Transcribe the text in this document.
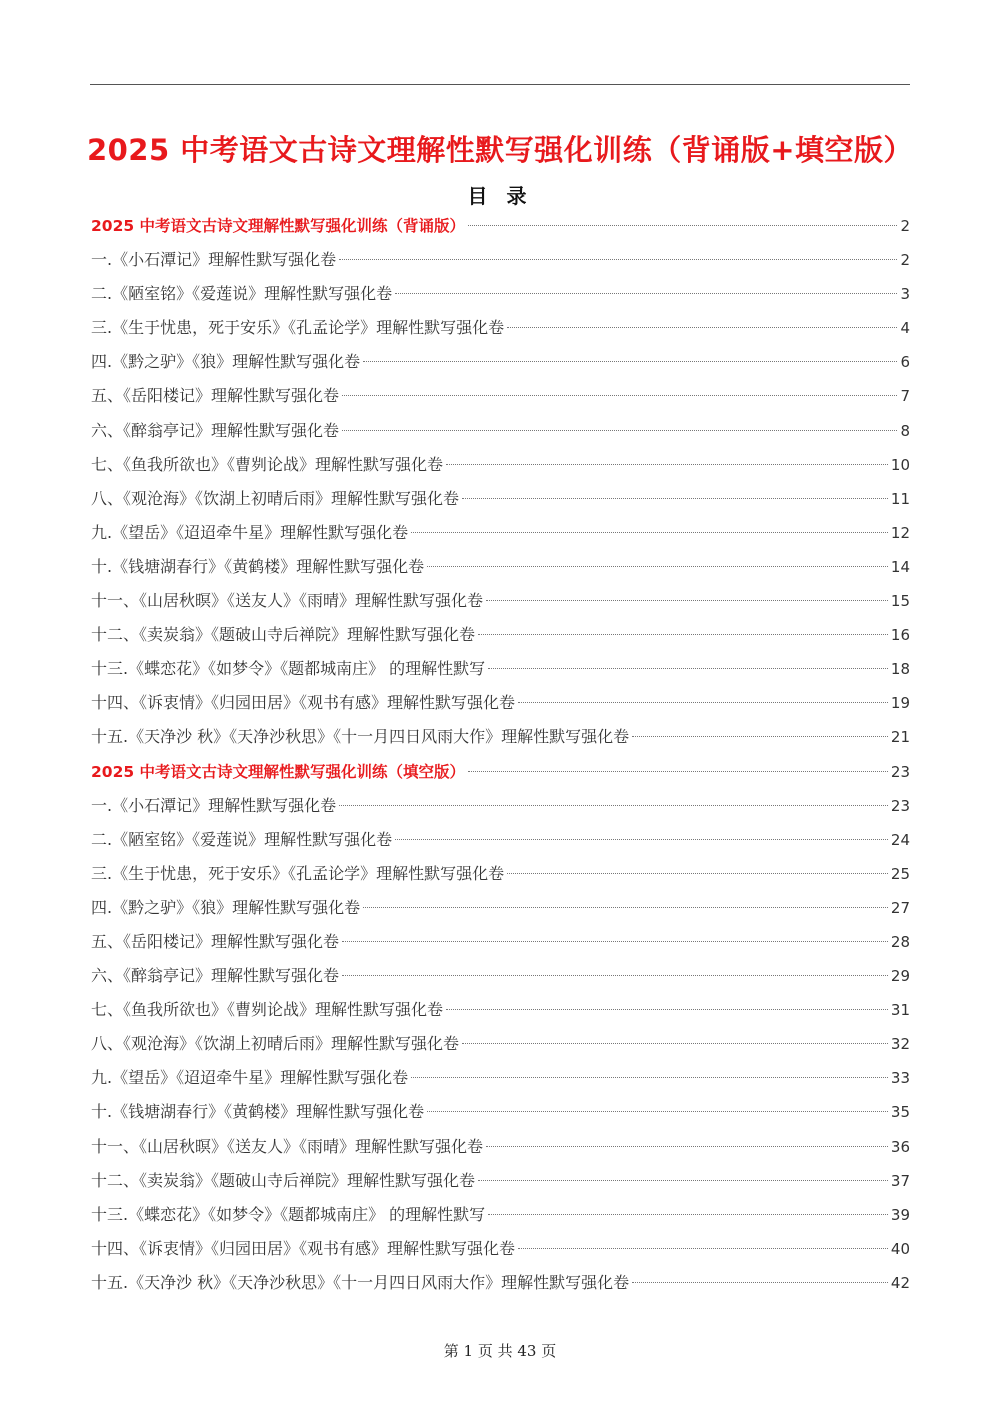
2025 中考语文古诗文理解性默写强化训练（背诵版+填空版）
目 录
2025 中考语文古诗文理解性默写强化训练（背诵版）	2
一.《小石潭记》理解性默写强化卷	2
二.《陋室铭》《爱莲说》理解性默写强化卷	3
三.《生于忧患，死于安乐》《孔孟论学》理解性默写强化卷	4
四.《黔之驴》《狼》理解性默写强化卷	6
五、《岳阳楼记》理解性默写强化卷	7
六、《醉翁亭记》理解性默写强化卷	8
七、《鱼我所欲也》《曹刿论战》理解性默写强化卷	10
八、《观沧海》《饮湖上初晴后雨》理解性默写强化卷	11
九.《望岳》《迢迢牵牛星》理解性默写强化卷	12
十.《钱塘湖春行》《黄鹤楼》理解性默写强化卷	14
十一、《山居秋暝》《送友人》《雨晴》理解性默写强化卷	15
十二、《卖炭翁》《题破山寺后禅院》理解性默写强化卷	16
十三.《蝶恋花》《如梦令》《题都城南庄》 的理解性默写	18
十四、《诉衷情》《归园田居》《观书有感》理解性默写强化卷	19
十五.《天净沙 秋》《天净沙秋思》《十一月四日风雨大作》理解性默写强化卷	21
2025 中考语文古诗文理解性默写强化训练（填空版）	23
一.《小石潭记》理解性默写强化卷	23
二.《陋室铭》《爱莲说》理解性默写强化卷	24
三.《生于忧患，死于安乐》《孔孟论学》理解性默写强化卷	25
四.《黔之驴》《狼》理解性默写强化卷	27
五、《岳阳楼记》理解性默写强化卷	28
六、《醉翁亭记》理解性默写强化卷	29
七、《鱼我所欲也》《曹刿论战》理解性默写强化卷	31
八、《观沧海》《饮湖上初晴后雨》理解性默写强化卷	32
九.《望岳》《迢迢牵牛星》理解性默写强化卷	33
十.《钱塘湖春行》《黄鹤楼》理解性默写强化卷	35
十一、《山居秋暝》《送友人》《雨晴》理解性默写强化卷	36
十二、《卖炭翁》《题破山寺后禅院》理解性默写强化卷	37
十三.《蝶恋花》《如梦令》《题都城南庄》 的理解性默写	39
十四、《诉衷情》《归园田居》《观书有感》理解性默写强化卷	40
十五.《天净沙 秋》《天净沙秋思》《十一月四日风雨大作》理解性默写强化卷	42
第 1 页 共 43 页
